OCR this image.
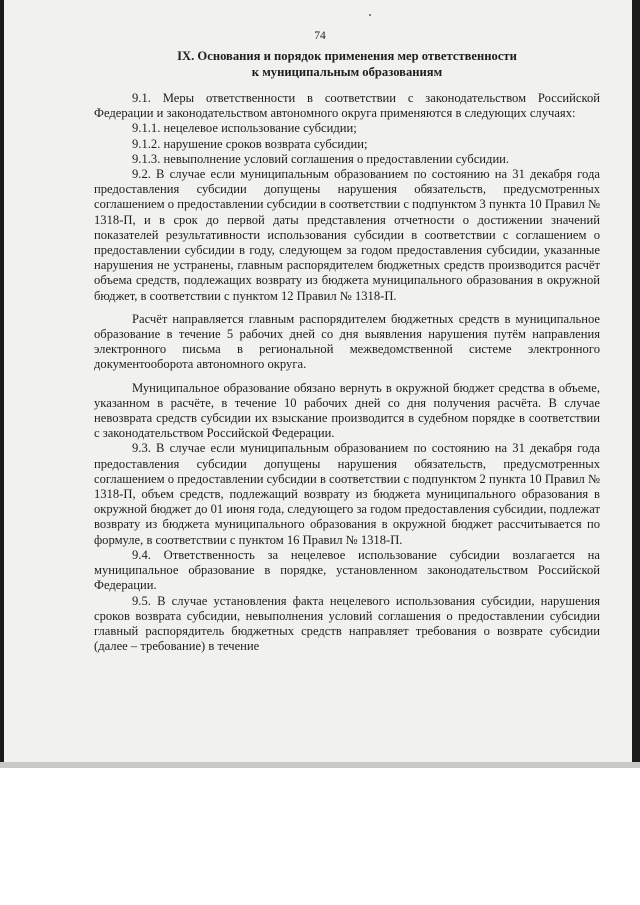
74
IX. Основания и порядок применения мер ответственности
к муниципальным образованиям

9.1. Меры ответственности в соответствии с законодательством Российской Федерации и законодательством автономного округа применяются в следующих случаях:

9.1.1. нецелевое использование субсидии;

9.1.2. нарушение сроков возврата субсидии;

9.1.3. невыполнение условий соглашения о предоставлении субсидии.

9.2. В случае если муниципальным образованием по состоянию на 31 декабря года предоставления субсидии допущены нарушения обязательств, предусмотренных соглашением о предоставлении субсидии в соответствии с подпунктом 3 пункта 10 Правил № 1318-П, и в срок до первой даты представления отчетности о достижении значений показателей результативности использования субсидии в соответствии с соглашением о предоставлении субсидии в году, следующем за годом предоставления субсидии, указанные нарушения не устранены, главным распорядителем бюджетных средств производится расчёт объема средств, подлежащих возврату из бюджета муниципального образования в окружной бюджет, в соответствии с пунктом 12 Правил № 1318-П.

Расчёт направляется главным распорядителем бюджетных средств в муниципальное образование в течение 5 рабочих дней со дня выявления нарушения путём направления электронного письма в региональной межведомственной системе электронного документооборота автономного округа.

Муниципальное образование обязано вернуть в окружной бюджет средства в объеме, указанном в расчёте, в течение 10 рабочих дней со дня получения расчёта. В случае невозврата средств субсидии их взыскание производится в судебном порядке в соответствии с законодательством Российской Федерации.

9.3. В случае если муниципальным образованием по состоянию на 31 декабря года предоставления субсидии допущены нарушения обязательств, предусмотренных соглашением о предоставлении субсидии в соответствии с подпунктом 2 пункта 10 Правил № 1318-П, объем средств, подлежащий возврату из бюджета муниципального образования в окружной бюджет до 01 июня года, следующего за годом предоставления субсидии, подлежат возврату из бюджета муниципального образования в окружной бюджет рассчитывается по формуле, в соответствии с пунктом 16 Правил № 1318-П.

9.4. Ответственность за нецелевое использование субсидии возлагается на муниципальное образование в порядке, установленном законодательством Российской Федерации.

9.5. В случае установления факта нецелевого использования субсидии, нарушения сроков возврата субсидии, невыполнения условий соглашения о предоставлении субсидии главный распорядитель бюджетных средств направляет требования о возврате субсидии (далее – требование) в течение
